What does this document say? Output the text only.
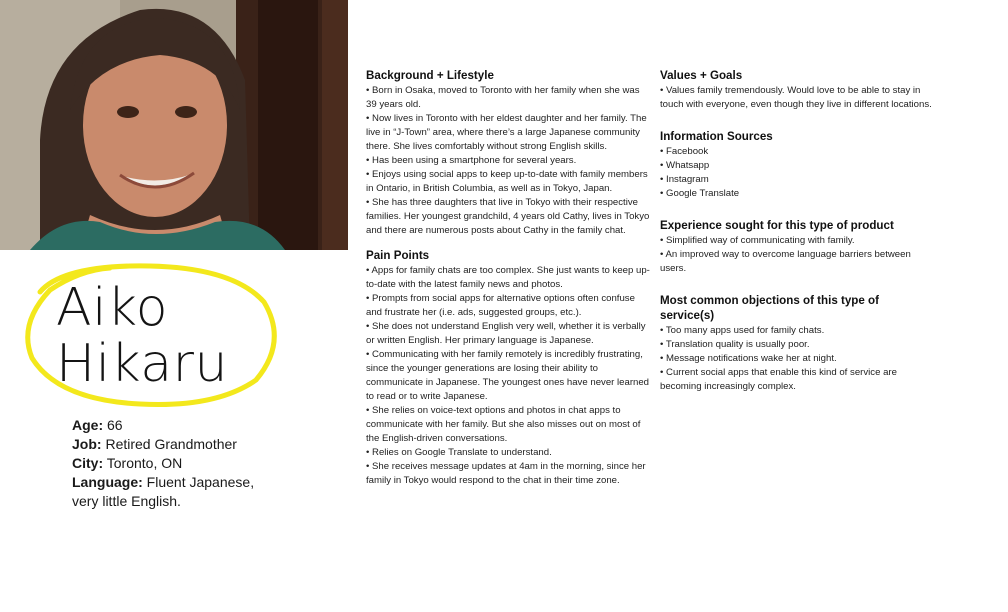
Aiko
Hikaru
Age: 66
Job: Retired Grandmother
City: Toronto, ON
Language: Fluent Japanese, very little English.
Background + Lifestyle
• Born in Osaka, moved to Toronto with her family when she was 39 years old.
• Now lives in Toronto with her eldest daughter and her family. The live in “J-Town” area, where there’s a large Japanese community there. She lives comfortably without strong English skills.
• Has been using a smartphone for several years.
• Enjoys using social apps to keep up-to-date with family members in Ontario, in British Columbia, as well as in Tokyo, Japan.
• She has three daughters that live in Tokyo with their respective families. Her youngest grandchild, 4 years old Cathy, lives in Tokyo and there are numerous posts about Cathy in the family chat.
Pain Points
• Apps for family chats are too complex. She just wants to keep up-to-date with the latest family news and photos.
• Prompts from social apps for alternative options often confuse and frustrate her (i.e. ads, suggested groups, etc.).
• She does not understand English very well, whether it is verbally or written English. Her primary language is Japanese.
• Communicating with her family remotely is incredibly frustrating, since the younger generations are losing their ability to communicate in Japanese. The youngest ones have never learned to read or to write Japanese.
• She relies on voice-text options and photos in chat apps to communicate with her family. But she also misses out on most of the English-driven conversations.
• Relies on Google Translate to understand.
• She receives message updates at 4am in the morning, since her family in Tokyo would respond to the chat in their time zone.
Values + Goals
• Values family tremendously. Would love to be able to stay in touch with everyone, even though they live in different locations.
Information Sources
• Facebook
• Whatsapp
• Instagram
• Google Translate
Experience sought for this type of product
• Simplified way of communicating with family.
• An improved way to overcome language barriers between users.
Most common objections of this type of service(s)
• Too many apps used for family chats.
• Translation quality is usually poor.
• Message notifications wake her at night.
• Current social apps that enable this kind of service are becoming increasingly complex.
